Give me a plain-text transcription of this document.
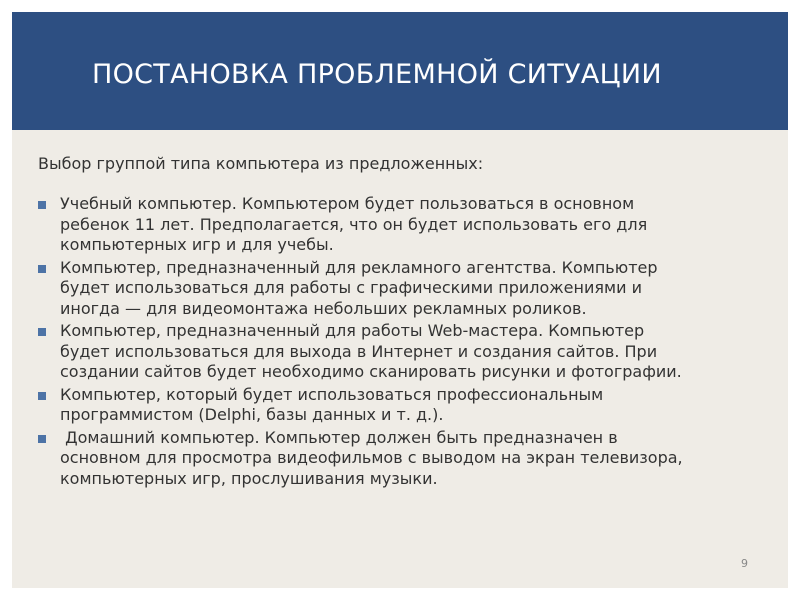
ПОСТАНОВКА ПРОБЛЕМНОЙ СИТУАЦИИ

Выбор группой типа компьютера из предложенных:

Учебный компьютер. Компьютером будет пользоваться в основном
ребенок 11 лет. Предполагается, что он будет использовать его для
компьютерных игр и для учебы.
Компьютер, предназначенный для рекламного агентства. Компьютер
будет использоваться для работы с графическими приложениями и
иногда — для видеомонтажа небольших рекламных роликов.
Компьютер, предназначенный для работы Web-мастера. Компьютер
будет использоваться для выхода в Интернет и создания сайтов. При
создании сайтов будет необходимо сканировать рисунки и фотографии.
Компьютер, который будет использоваться профессиональным
программистом (Delphi, базы данных и т. д.).
Домашний компьютер. Компьютер должен быть предназначен в
основном для просмотра видеофильмов с выводом на экран телевизора,
компьютерных игр, прослушивания музыки.
9
